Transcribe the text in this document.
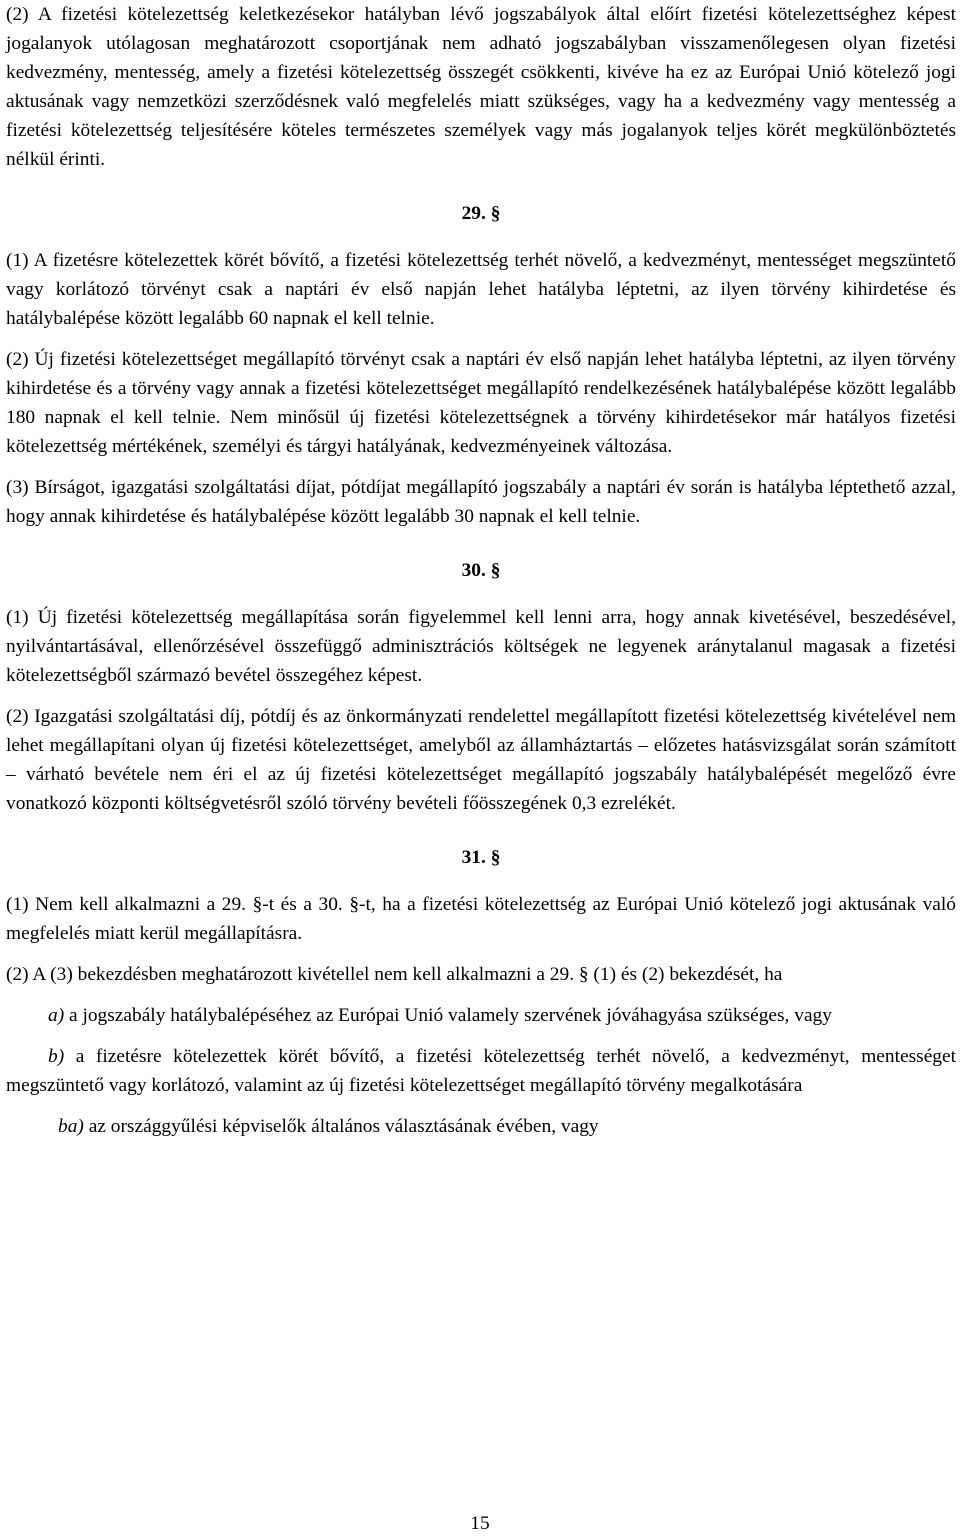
(2) A fizetési kötelezettség keletkezésekor hatályban lévő jogszabályok által előírt fizetési kötelezettséghez képest jogalanyok utólagosan meghatározott csoportjának nem adható jogszabályban visszamenőlegesen olyan fizetési kedvezmény, mentesség, amely a fizetési kötelezettség összegét csökkenti, kivéve ha ez az Európai Unió kötelező jogi aktusának vagy nemzetközi szerződésnek való megfelelés miatt szükséges, vagy ha a kedvezmény vagy mentesség a fizetési kötelezettség teljesítésére köteles természetes személyek vagy más jogalanyok teljes körét megkülönböztetés nélkül érinti.

29. §

(1) A fizetésre kötelezettek körét bővítő, a fizetési kötelezettség terhét növelő, a kedvezményt, mentességet megszüntető vagy korlátozó törvényt csak a naptári év első napján lehet hatályba léptetni, az ilyen törvény kihirdetése és hatálybalépése között legalább 60 napnak el kell telnie.

(2) Új fizetési kötelezettséget megállapító törvényt csak a naptári év első napján lehet hatályba léptetni, az ilyen törvény kihirdetése és a törvény vagy annak a fizetési kötelezettséget megállapító rendelkezésének hatálybalépése között legalább 180 napnak el kell telnie. Nem minősül új fizetési kötelezettségnek a törvény kihirdetésekor már hatályos fizetési kötelezettség mértékének, személyi és tárgyi hatályának, kedvezményeinek változása.

(3) Bírságot, igazgatási szolgáltatási díjat, pótdíjat megállapító jogszabály a naptári év során is hatályba léptethető azzal, hogy annak kihirdetése és hatálybalépése között legalább 30 napnak el kell telnie.

30. §

(1) Új fizetési kötelezettség megállapítása során figyelemmel kell lenni arra, hogy annak kivetésével, beszedésével, nyilvántartásával, ellenőrzésével összefüggő adminisztrációs költségek ne legyenek aránytalanul magasak a fizetési kötelezettségből származó bevétel összegéhez képest.

(2) Igazgatási szolgáltatási díj, pótdíj és az önkormányzati rendelettel megállapított fizetési kötelezettség kivételével nem lehet megállapítani olyan új fizetési kötelezettséget, amelyből az államháztartás – előzetes hatásvizsgálat során számított – várható bevétele nem éri el az új fizetési kötelezettséget megállapító jogszabály hatálybalépését megelőző évre vonatkozó központi költségvetésről szóló törvény bevételi főösszegének 0,3 ezrelékét.

31. §

(1) Nem kell alkalmazni a 29. §-t és a 30. §-t, ha a fizetési kötelezettség az Európai Unió kötelező jogi aktusának való megfelelés miatt kerül megállapításra.

(2) A (3) bekezdésben meghatározott kivétellel nem kell alkalmazni a 29. § (1) és (2) bekezdését, ha

a) a jogszabály hatálybalépéséhez az Európai Unió valamely szervének jóváhagyása szükséges, vagy

b) a fizetésre kötelezettek körét bővítő, a fizetési kötelezettség terhét növelő, a kedvezményt, mentességet megszüntető vagy korlátozó, valamint az új fizetési kötelezettséget megállapító törvény megalkotására

ba) az országgyűlési képviselők általános választásának évében, vagy

15
